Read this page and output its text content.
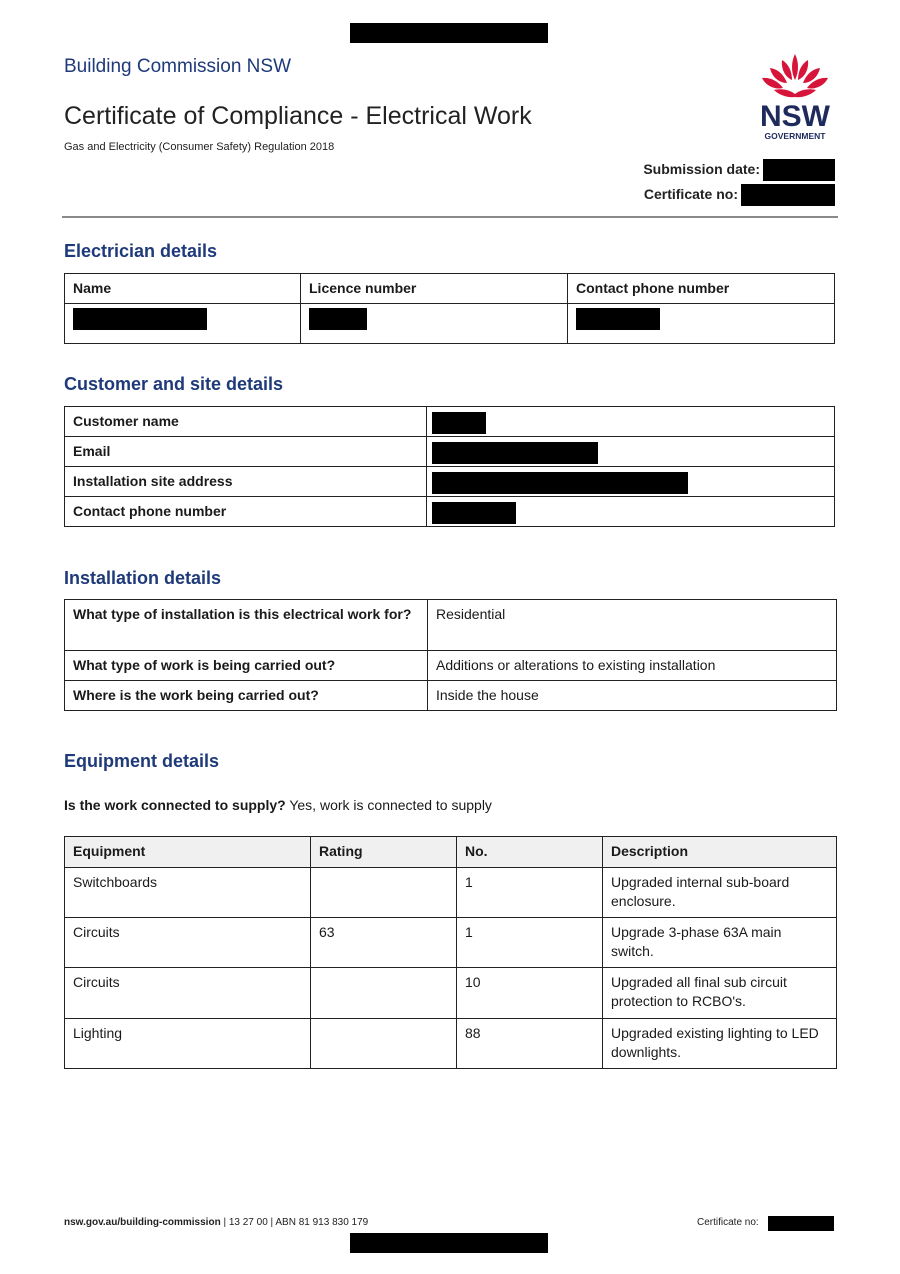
Building Commission NSW
Certificate of Compliance - Electrical Work
Gas and Electricity (Consumer Safety) Regulation 2018
NSW
GOVERNMENT
Submission date:
Certificate no:
Electrician details
Name	Licence number	Contact phone number

Customer and site details
Customer name	

Email	

Installation site address	

Contact phone number	
Installation details
What type of installation is this electrical work for?	Residential
What type of work is being carried out?	Additions or alterations to existing installation
Where is the work being carried out?	Inside the house
Equipment details
Is the work connected to supply? Yes, work is connected to supply
Equipment	Rating	No.	Description
Switchboards		1	Upgraded internal sub-board enclosure.
Circuits	63	1	Upgrade 3-phase 63A main switch.
Circuits		10	Upgraded all final sub circuit protection to RCBO's.
Lighting		88	Upgraded existing lighting to LED downlights.
nsw.gov.au/building-commission | 13 27 00 | ABN 81 913 830 179	Certificate no:
